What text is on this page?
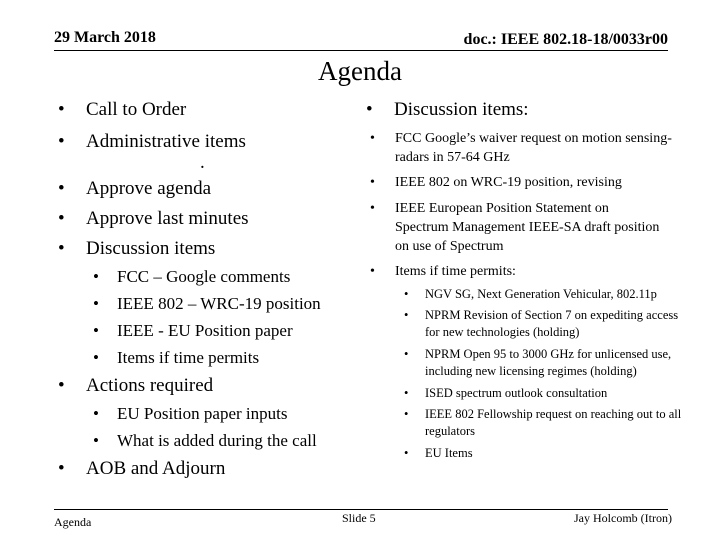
29 March 2018	doc.: IEEE 802.18-18/0033r00
Agenda
• Call to Order
• Administrative items
.
• Approve agenda
• Approve last minutes
• Discussion items
• FCC – Google comments
• IEEE 802 – WRC-19 position
• IEEE - EU Position paper
• Items if time permits
• Actions required
• EU Position paper inputs
• What is added during the call
• AOB and Adjourn
• Discussion items:
• FCC Google’s waiver request on motion sensing-radars in 57-64 GHz
• IEEE 802 on WRC-19 position, revising
• IEEE European Position Statement on Spectrum Management IEEE-SA draft position on use of Spectrum
• Items if time permits:
• NGV SG, Next Generation Vehicular, 802.11p
• NPRM Revision of Section 7 on expediting access for new technologies (holding)
• NPRM Open 95 to 3000 GHz for unlicensed use, including new licensing regimes (holding)
• ISED spectrum outlook consultation
• IEEE 802 Fellowship request on reaching out to all regulators
• EU Items
Agenda	Slide 5	Jay Holcomb (Itron)
